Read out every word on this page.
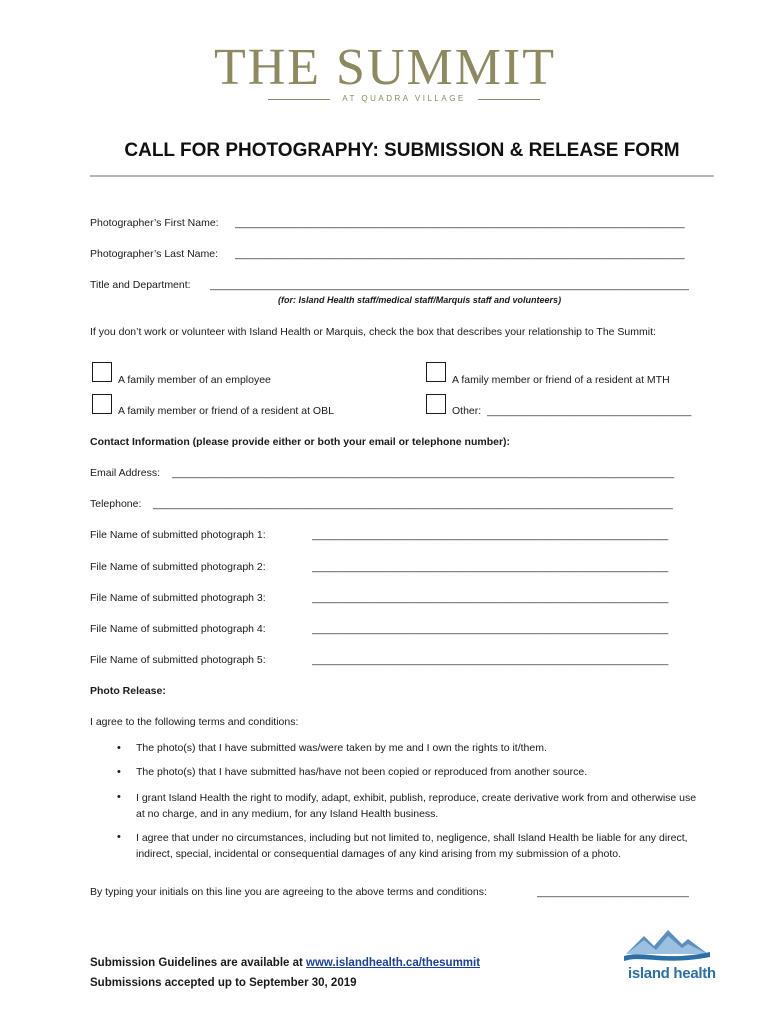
THE SUMMIT
AT QUADRA VILLAGE
CALL FOR PHOTOGRAPHY: SUBMISSION & RELEASE FORM
Photographer’s First Name: _____________________________________________________________________________
Photographer’s Last Name: _____________________________________________________________________________
Title and Department: __________________________________________________________________________________
(for: Island Health staff/medical staff/Marquis staff and volunteers)
If you don’t work or volunteer with Island Health or Marquis, check the box that describes your relationship to The Summit:
A family member of an employee	A family member or friend of a resident at MTH
A family member or friend of a resident at OBL	Other: ___________________________________
Contact Information (please provide either or both your email or telephone number):
Email Address: ______________________________________________________________________________________
Telephone: _________________________________________________________________________________________
File Name of submitted photograph 1:	_____________________________________________________________
File Name of submitted photograph 2:	_____________________________________________________________
File Name of submitted photograph 3:	_____________________________________________________________
File Name of submitted photograph 4:	_____________________________________________________________
File Name of submitted photograph 5:	_____________________________________________________________
Photo Release:
I agree to the following terms and conditions:
• The photo(s) that I have submitted was/were taken by me and I own the rights to it/them.
• The photo(s) that I have submitted has/have not been copied or reproduced from another source.
• I grant Island Health the right to modify, adapt, exhibit, publish, reproduce, create derivative work from and otherwise use at no charge, and in any medium, for any Island Health business.
• I agree that under no circumstances, including but not limited to, negligence, shall Island Health be liable for any direct, indirect, special, incidental or consequential damages of any kind arising from my submission of a photo.
By typing your initials on this line you are agreeing to the above terms and conditions:	__________________________
Submission Guidelines are available at www.islandhealth.ca/thesummit
Submissions accepted up to September 30, 2019
island health
